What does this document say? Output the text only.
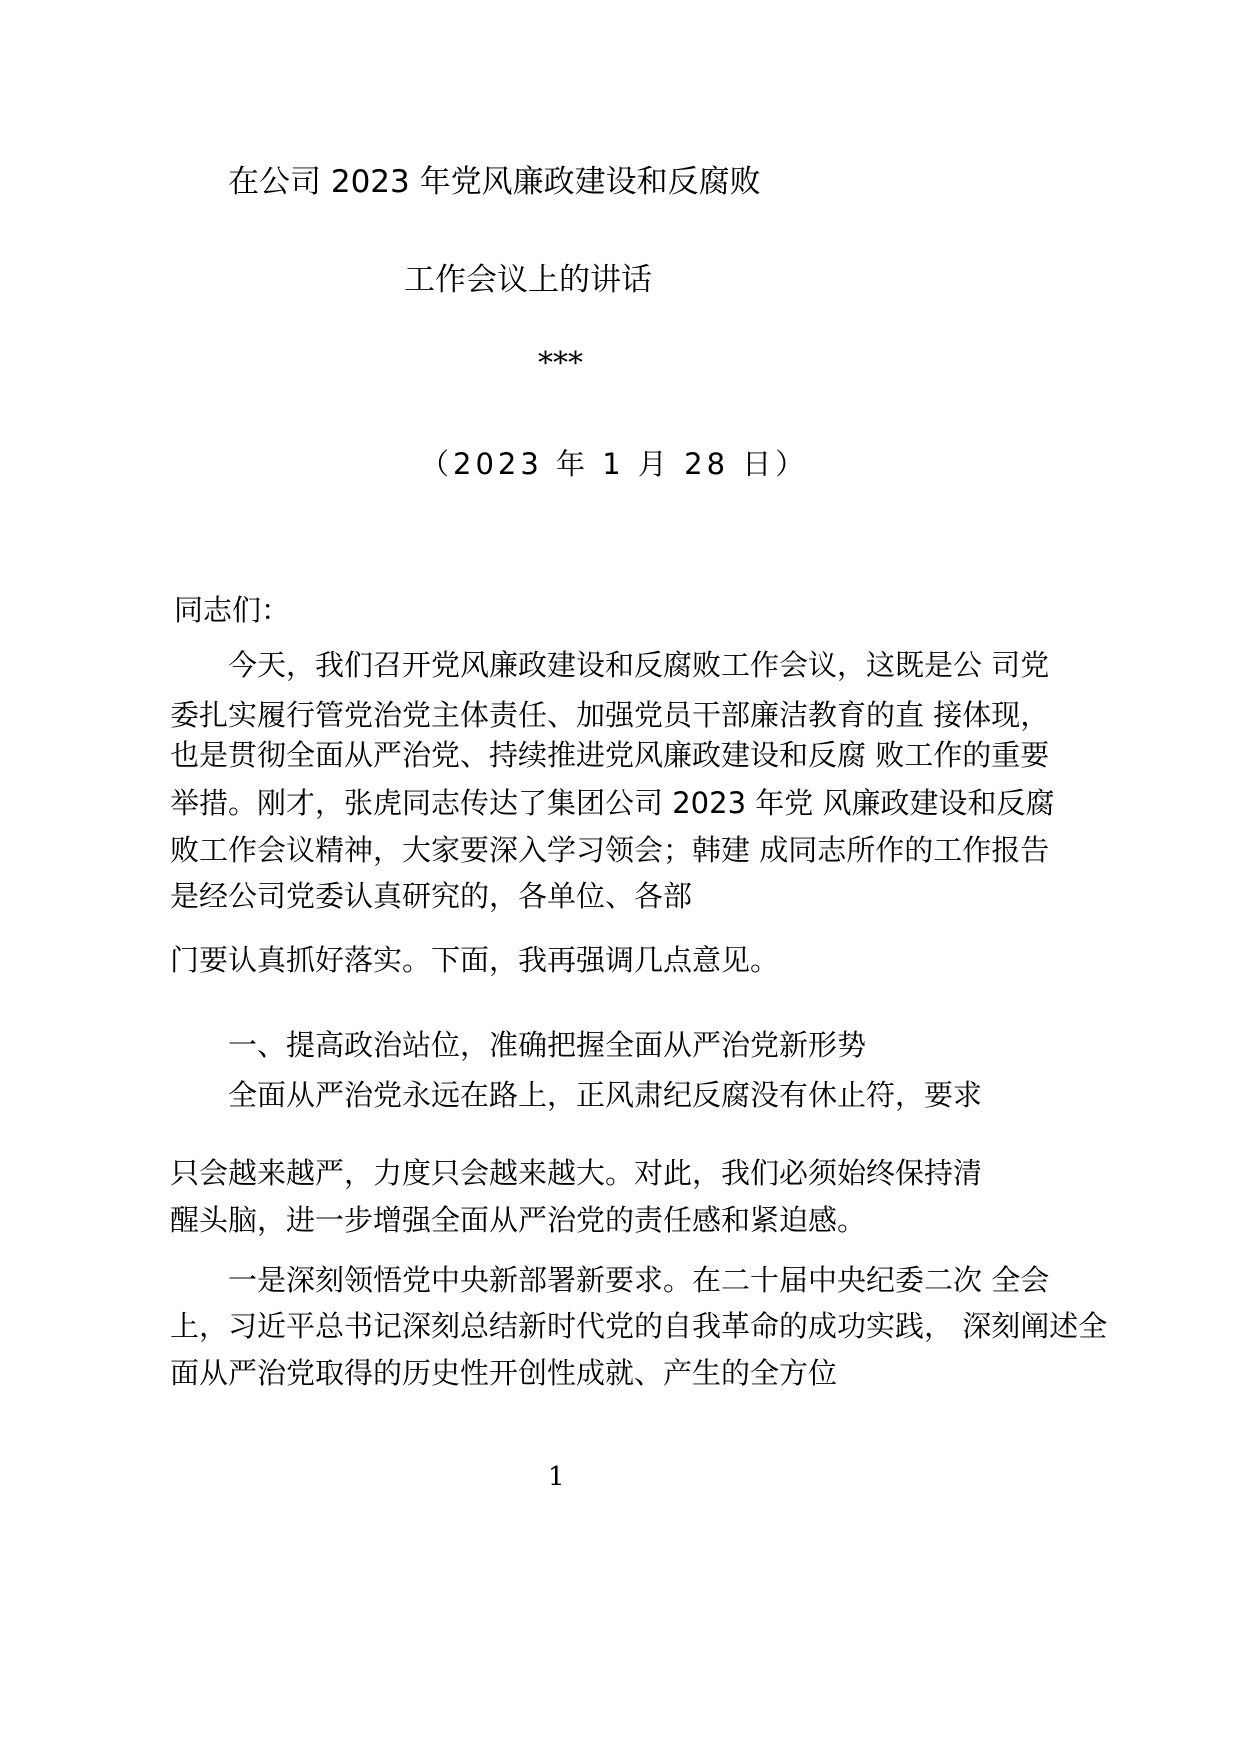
在公司 2023 年党风廉政建设和反腐败
工作会议上的讲话
***
（2023 年 1 月 28 日）
同志们：
今天，我们召开党风廉政建设和反腐败工作会议，这既是公 司党
委扎实履行管党治党主体责任、加强党员干部廉洁教育的直 接体现，
也是贯彻全面从严治党、持续推进党风廉政建设和反腐 败工作的重要
举措。刚才，张虎同志传达了集团公司 2023 年党 风廉政建设和反腐
败工作会议精神，大家要深入学习领会；韩建 成同志所作的工作报告
是经公司党委认真研究的，各单位、各部
门要认真抓好落实。下面，我再强调几点意见。
一、提高政治站位，准确把握全面从严治党新形势
全面从严治党永远在路上，正风肃纪反腐没有休止符，要求
只会越来越严，力度只会越来越大。对此，我们必须始终保持清
醒头脑，进一步增强全面从严治党的责任感和紧迫感。
一是深刻领悟党中央新部署新要求。在二十届中央纪委二次 全会
上，习近平总书记深刻总结新时代党的自我革命的成功实践， 深刻阐述全
面从严治党取得的历史性开创性成就、产生的全方位
1
